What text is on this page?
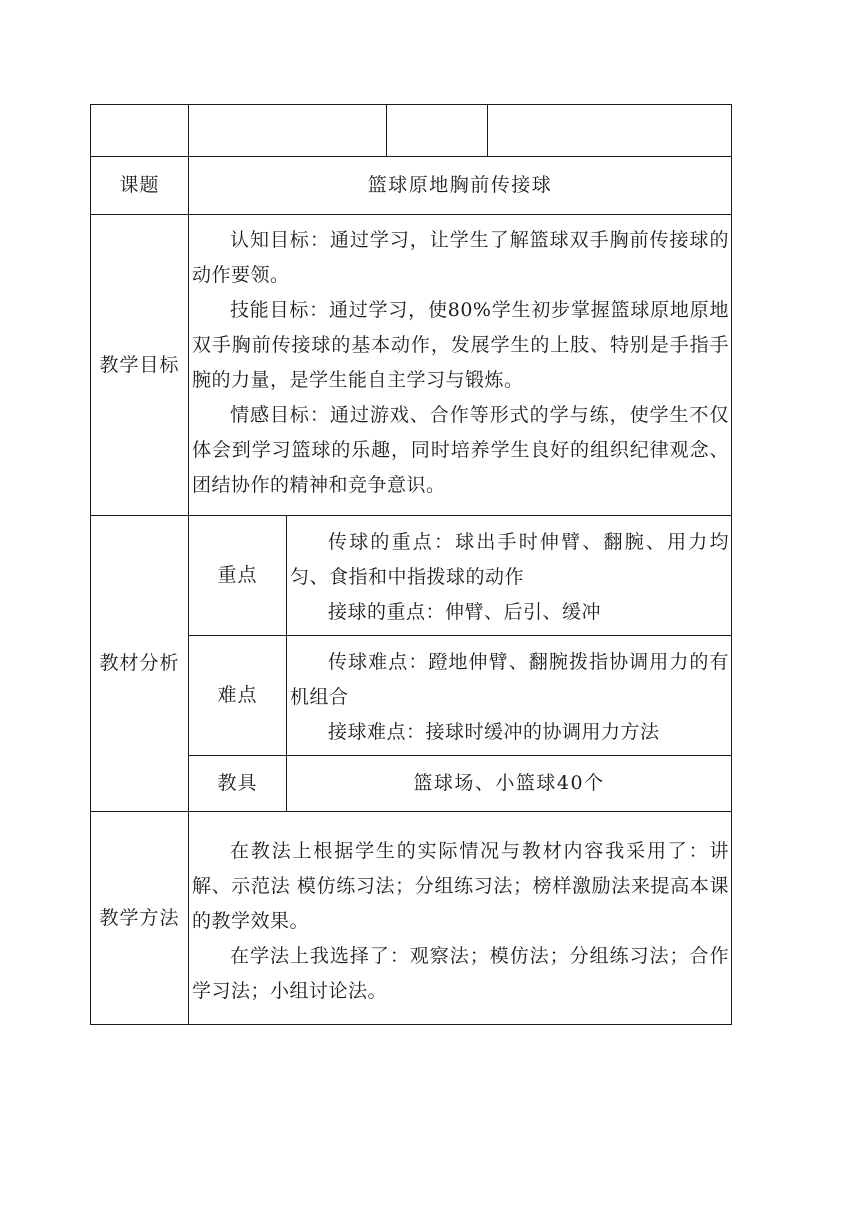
课题	篮球原地胸前传接球			
教学目标	认知目标：通过学习，让学生了解篮球双手胸前传接球的动作要领。

技能目标：通过学习，使80%学生初步掌握篮球原地原地双手胸前传接球的基本动作，发展学生的上肢、特别是手指手腕的力量，是学生能自主学习与锻炼。

情感目标：通过游戏、合作等形式的学与练，使学生不仅体会到学习篮球的乐趣，同时培养学生良好的组织纪律观念、团结协作的精神和竞争意识。			

教材分析	重点	传球的重点：球出手时伸臂、翻腕、用力均匀、食指和中指拨球的动作

接球的重点：伸臂、后引、缓冲		

	难点	传球难点：蹬地伸臂、翻腕拨指协调用力的有机组合

接球难点：接球时缓冲的协调用力方法		

	教具	篮球场、小篮球40个		
教学方法	在教法上根据学生的实际情况与教材内容我采用了：讲解、示范法 模仿练习法；分组练习法；榜样激励法来提高本课的教学效果。

在学法上我选择了：观察法；模仿法；分组练习法；合作学习法；小组讨论法。			
